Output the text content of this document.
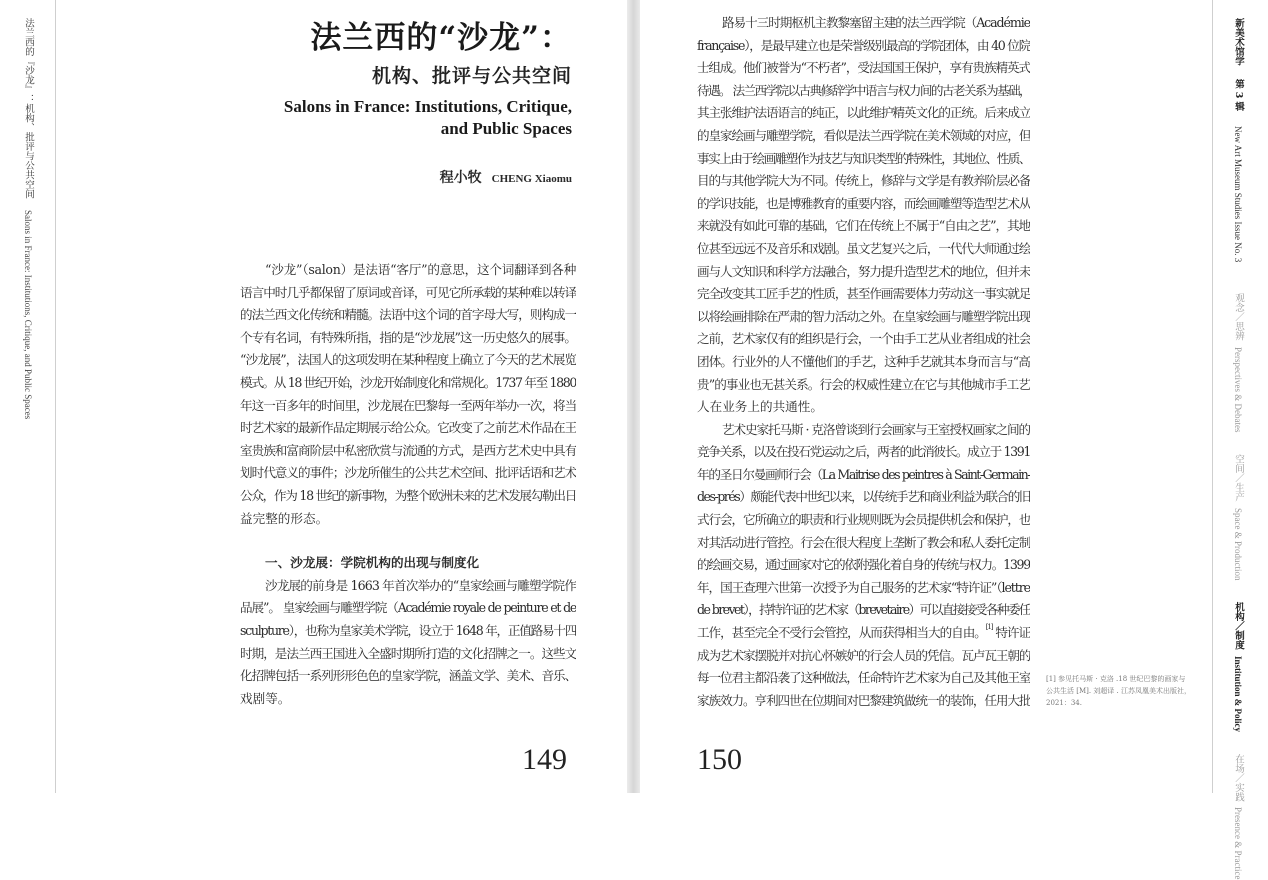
法兰西的『沙龙』：机构、批评与公共空间 Salons in France: Institutions, Critique, and Public Spaces
新美术馆学 第 3 辑 New Art Museum Studies Issue No. 3 观念／思辨Perspectives & Debates空间／生产Space & Production机构／制度Institution & Policy在场／实践Presence & Practice
法兰西的“沙龙”：
机构、批评与公共空间
Salons in France: Institutions, Critique,
and Public Spaces
程小牧 CHENG Xiaomu
“沙龙”（salon）是法语“客厅”的意思，这个词翻译到各种
语言中时几乎都保留了原词或音译，可见它所承载的某种难以转译
的法兰西文化传统和精髓。法语中这个词的首字母大写，则构成一
个专有名词，有特殊所指，指的是“沙龙展”这一历史悠久的展事。
“沙龙展”，法国人的这项发明在某种程度上确立了今天的艺术展览
模式。从 18 世纪开始，沙龙开始制度化和常规化。1737 年至 1880
年这一百多年的时间里，沙龙展在巴黎每一至两年举办一次，将当
时艺术家的最新作品定期展示给公众。它改变了之前艺术作品在王
室贵族和富商阶层中私密欣赏与流通的方式，是西方艺术史中具有
划时代意义的事件；沙龙所催生的公共艺术空间、批评话语和艺术
公众，作为 18 世纪的新事物，为整个欧洲未来的艺术发展勾勒出日
益完整的形态。
一、沙龙展：学院机构的出现与制度化
沙龙展的前身是 1663 年首次举办的“皇家绘画与雕塑学院作
品展”。 皇家绘画与雕塑学院（Académie royale de peinture et de
sculpture），也称为皇家美术学院，设立于 1648 年，正值路易十四
时期，是法兰西王国进入全盛时期所打造的文化招牌之一。这些文
化招牌包括一系列形形色色的皇家学院，涵盖文学、美术、音乐、
戏剧等。
路易十三时期枢机主教黎塞留主建的法兰西学院（Académie
française），是最早建立也是荣誉级别最高的学院团体，由 40 位院
士组成。他们被誉为“不朽者”，受法国国王保护，享有贵族精英式
待遇。 法兰西学院以古典修辞学中语言与权力间的古老关系为基础，
其主张维护法语语言的纯正，以此维护精英文化的正统。后来成立
的皇家绘画与雕塑学院，看似是法兰西学院在美术领域的对应，但
事实上由于绘画雕塑作为技艺与知识类型的特殊性，其地位、性质、
目的与其他学院大为不同。传统上，修辞与文学是有教养阶层必备
的学识技能，也是博雅教育的重要内容，而绘画雕塑等造型艺术从
来就没有如此可靠的基础，它们在传统上不属于“自由之艺”，其地
位甚至远远不及音乐和戏剧。虽文艺复兴之后，一代代大师通过绘
画与人文知识和科学方法融合，努力提升造型艺术的地位，但并未
完全改变其工匠手艺的性质，甚至作画需要体力劳动这一事实就足
以将绘画排除在严肃的智力活动之外。在皇家绘画与雕塑学院出现
之前，艺术家仅有的组织是行会，一个由手工艺从业者组成的社会
团体。行业外的人不懂他们的手艺，这种手艺就其本身而言与“高
贵”的事业也无甚关系。行会的权威性建立在它与其他城市手工艺
人在业务上的共通性。
艺术史家托马斯 · 克洛曾谈到行会画家与王室授权画家之间的
竞争关系，以及在投石党运动之后，两者的此消彼长。成立于 1391
年的圣日尔曼画师行会（La Maitrise des peintres à Saint-Germain-
des-prés）颇能代表中世纪以来，以传统手艺和商业利益为联合的旧
式行会，它所确立的职责和行业规则既为会员提供机会和保护，也
对其活动进行管控。行会在很大程度上垄断了教会和私人委托定制
的绘画交易，通过画家对它的依附强化着自身的传统与权力。1399
年，国王查理六世第一次授予为自己服务的艺术家“特许证”（lettre
de brevet），持特许证的艺术家（brevetaire）可以直接接受各种委任
工作，甚至完全不受行会管控，从而获得相当大的自由。[1] 特许证
成为艺术家摆脱并对抗心怀嫉妒的行会人员的凭信。瓦卢瓦王朝的
每一位君主都沿袭了这种做法，任命特许艺术家为自己及其他王室
家族效力。亨利四世在位期间对巴黎建筑做统一的装饰，任用大批
[1] 参见托马斯 · 克洛 .18 世纪巴黎的画家与
公共生活 [M]. 刘超译 . 江苏凤凰美术出版社，
2021：34.
149	150
